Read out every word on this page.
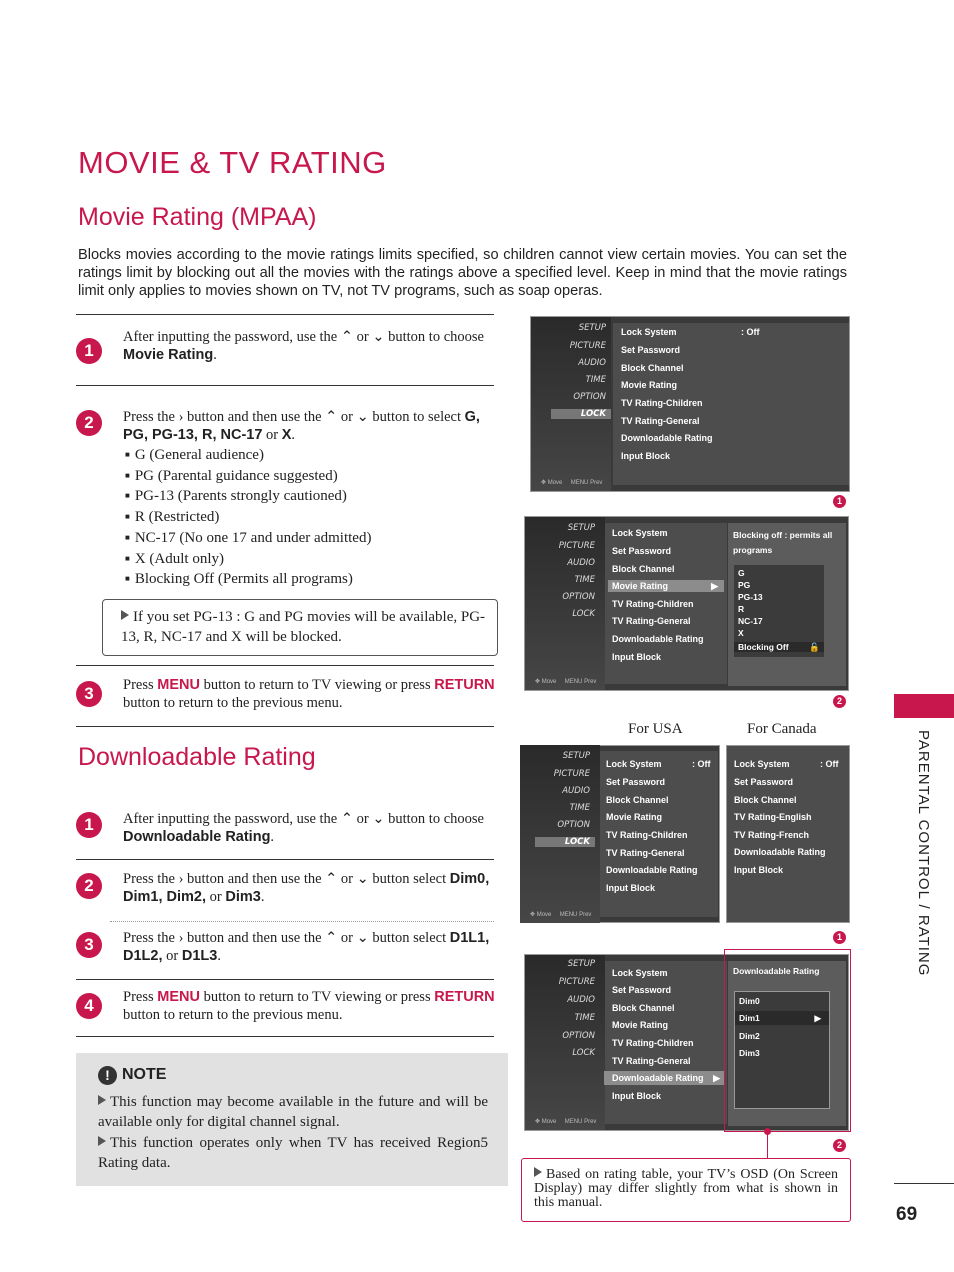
MOVIE & TV RATING
Movie Rating (MPAA)

Blocks movies according to the movie ratings limits specified, so children cannot view certain movies. You can set the ratings limit by blocking out all the movies with the ratings above a specified level. Keep in mind that the movie ratings limit only applies to movies shown on TV, not TV programs, such as soap operas.

1
After inputting the password, use the ⌃ or ⌄ button to choose Movie Rating.
2	Press the › button and then use the ⌃ or ⌄ button to select G, PG, PG-13, R, NC-17 or X.
■ G (General audience)
■ PG (Parental guidance suggested)
■ PG-13 (Parents strongly cautioned)
■ R (Restricted)
■ NC-17 (No one 17 and under admitted)
■ X (Adult only)
■ Blocking Off (Permits all programs)
If you set PG-13 : G and PG movies will be available, PG-13, R, NC-17 and X will be blocked.
3	Press MENU button to return to TV viewing or press RETURN button to return to the previous menu.
Downloadable Rating
1	After inputting the password, use the ⌃ or ⌄ button to choose Downloadable Rating.
2	Press the › button and then use the ⌃ or ⌄ button select Dim0, Dim1, Dim2, or Dim3.
3	Press the › button and then use the ⌃ or ⌄ button select D1L1, D1L2, or D1L3.
4	Press MENU button to return to TV viewing or press RETURN button to return to the previous menu.
! NOTE
This function may become available in the future and will be available only for digital channel signal.
This function operates only when TV has received Region5 Rating data.
PARENTAL CONTROL / RATING
69
SETUP
PICTURE
AUDIO
TIME
OPTION
LOCK
Lock System	: Off
Set Password
Block Channel
Movie Rating
TV Rating-Children
TV Rating-General
Downloadable Rating
Input Block
✥ Move MENU Prev
1
SETUP
PICTURE
AUDIO
TIME
OPTION
LOCK
Lock System
Set Password
Block Channel
Movie Rating	▶
TV Rating-Children
TV Rating-General
Downloadable Rating
Input Block
Blocking off : permits all programs
G
PG
PG-13
R
NC-17
X
Blocking Off 🔓
✥ Move MENU Prev
2
For USA	For Canada
SETUP
PICTURE
AUDIO
TIME
OPTION
LOCK
Lock System	: Off
Set Password
Block Channel
Movie Rating
TV Rating-Children
TV Rating-General
Downloadable Rating
Input Block
✥ Move MENU Prev
Lock System	: Off
Set Password
Block Channel
TV Rating-English
TV Rating-French
Downloadable Rating
Input Block
1
SETUP
PICTURE
AUDIO
TIME
OPTION
LOCK
Lock System
Set Password
Block Channel
Movie Rating
TV Rating-Children
TV Rating-General
Downloadable Rating ▶
Input Block
Downloadable Rating
Dim0
Dim1	▶
Dim2
Dim3
✥ Move MENU Prev
2
Based on rating table, your TV’s OSD (On Screen Display) may differ slightly from what is shown in this manual.
